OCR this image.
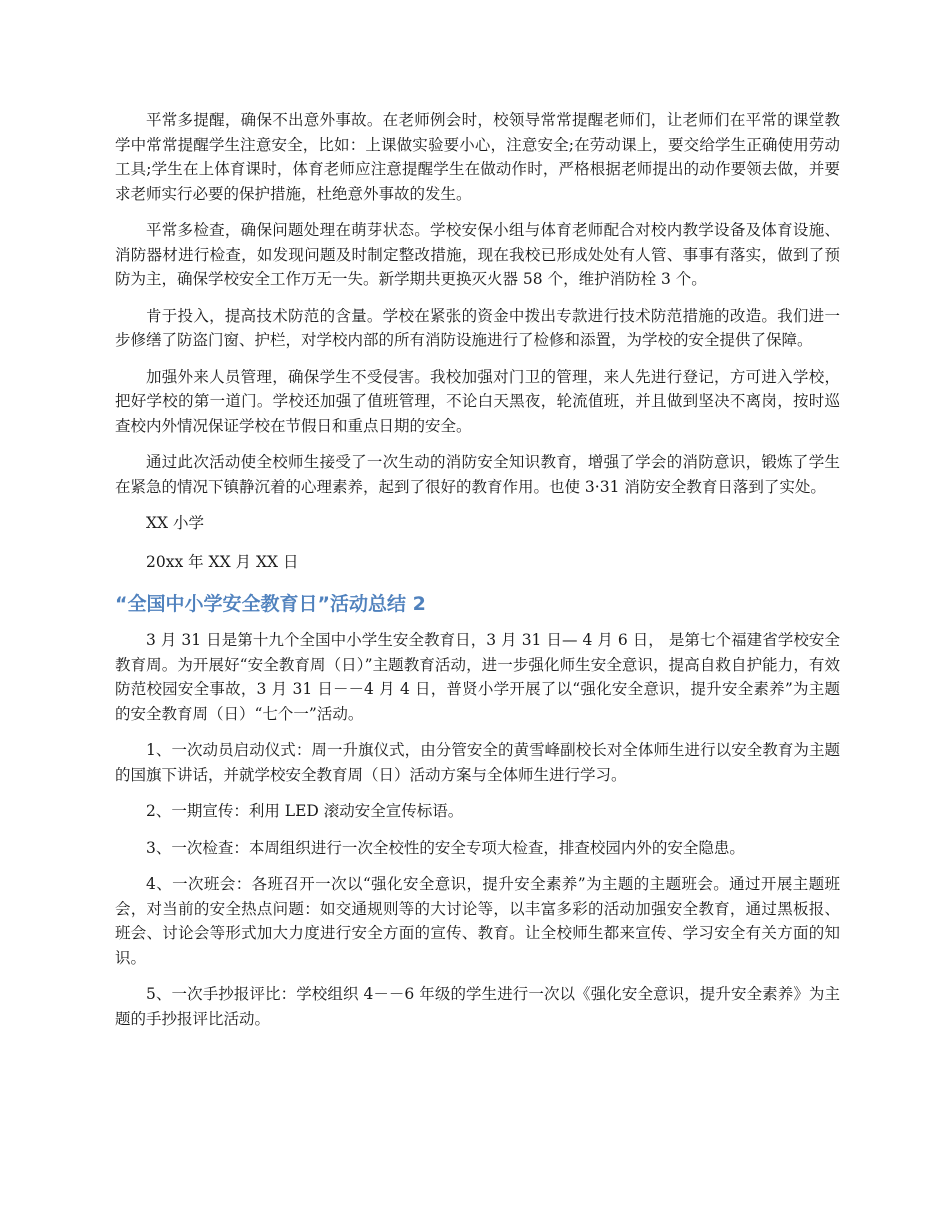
平常多提醒，确保不出意外事故。在老师例会时，校领导常常提醒老师们，让老师们在平常的课堂教学中常常提醒学生注意安全，比如：上课做实验要小心，注意安全;在劳动课上，要交给学生正确使用劳动工具;学生在上体育课时，体育老师应注意提醒学生在做动作时，严格根据老师提出的动作要领去做，并要求老师实行必要的保护措施，杜绝意外事故的发生。

平常多检查，确保问题处理在萌芽状态。学校安保小组与体育老师配合对校内教学设备及体育设施、消防器材进行检查，如发现问题及时制定整改措施，现在我校已形成处处有人管、事事有落实，做到了预防为主，确保学校安全工作万无一失。新学期共更换灭火器 58 个，维护消防栓 3 个。

肯于投入，提高技术防范的含量。学校在紧张的资金中拨出专款进行技术防范措施的改造。我们进一步修缮了防盗门窗、护栏，对学校内部的所有消防设施进行了检修和添置，为学校的安全提供了保障。

加强外来人员管理，确保学生不受侵害。我校加强对门卫的管理，来人先进行登记，方可进入学校，把好学校的第一道门。学校还加强了值班管理，不论白天黑夜，轮流值班，并且做到坚决不离岗，按时巡查校内外情况保证学校在节假日和重点日期的安全。

通过此次活动使全校师生接受了一次生动的消防安全知识教育，增强了学会的消防意识，锻炼了学生在紧急的情况下镇静沉着的心理素养，起到了很好的教育作用。也使 3·31 消防安全教育日落到了实处。

XX 小学

20xx 年 XX 月 XX 日

“全国中小学安全教育日”活动总结 2

3 月 31 日是第十九个全国中小学生安全教育日，3 月 31 日— 4 月 6 日， 是第七个福建省学校安全教育周。为开展好“安全教育周（日）”主题教育活动，进一步强化师生安全意识，提高自救自护能力，有效防范校园安全事故，3 月 31 日－－4 月 4 日，普贤小学开展了以“强化安全意识，提升安全素养”为主题的安全教育周（日）“七个一”活动。

1、一次动员启动仪式：周一升旗仪式，由分管安全的黄雪峰副校长对全体师生进行以安全教育为主题的国旗下讲话，并就学校安全教育周（日）活动方案与全体师生进行学习。

2、一期宣传：利用 LED 滚动安全宣传标语。

3、一次检查：本周组织进行一次全校性的安全专项大检查，排查校园内外的安全隐患。

4、一次班会：各班召开一次以“强化安全意识，提升安全素养”为主题的主题班会。通过开展主题班会，对当前的安全热点问题：如交通规则等的大讨论等，以丰富多彩的活动加强安全教育，通过黑板报、班会、讨论会等形式加大力度进行安全方面的宣传、教育。让全校师生都来宣传、学习安全有关方面的知识。

5、一次手抄报评比：学校组织 4－－6 年级的学生进行一次以《强化安全意识，提升安全素养》为主题的手抄报评比活动。
